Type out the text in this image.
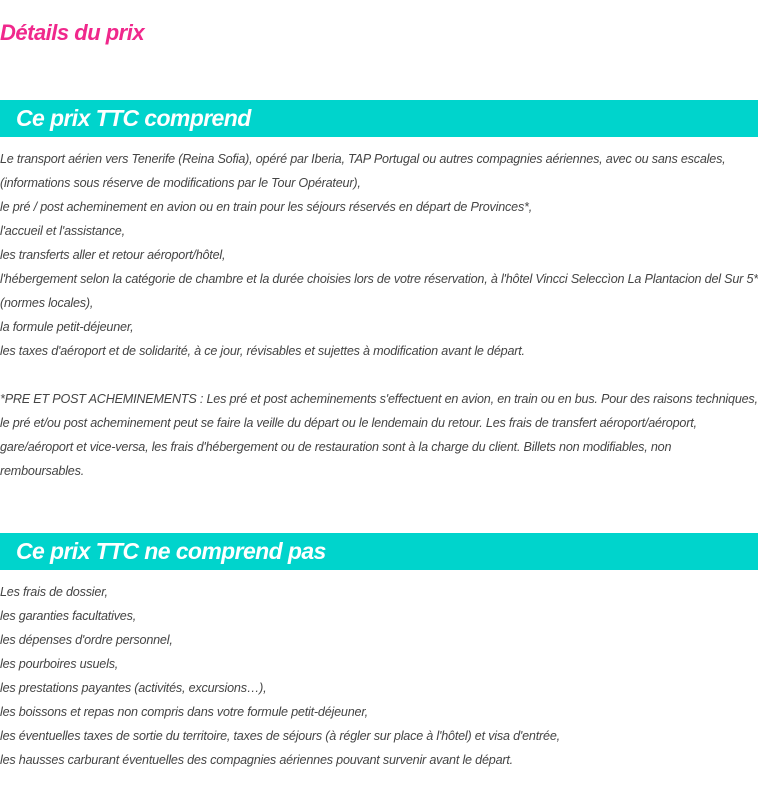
Détails du prix
Ce prix TTC comprend
Le transport aérien vers Tenerife (Reina Sofia), opéré par Iberia, TAP Portugal ou autres compagnies aériennes, avec ou sans escales, (informations sous réserve de modifications par le Tour Opérateur),
le pré / post acheminement en avion ou en train pour les séjours réservés en départ de Provinces*,
l'accueil et l'assistance,
les transferts aller et retour aéroport/hôtel,
l'hébergement selon la catégorie de chambre et la durée choisies lors de votre réservation, à l'hôtel Vincci Seleccìon La Plantacion del Sur 5* (normes locales),
la formule petit-déjeuner,
les taxes d'aéroport et de solidarité, à ce jour, révisables et sujettes à modification avant le départ.
*PRE ET POST ACHEMINEMENTS : Les pré et post acheminements s'effectuent en avion, en train ou en bus. Pour des raisons techniques, le pré et/ou post acheminement peut se faire la veille du départ ou le lendemain du retour. Les frais de transfert aéroport/aéroport, gare/aéroport et vice-versa, les frais d'hébergement ou de restauration sont à la charge du client. Billets non modifiables, non remboursables.
Ce prix TTC ne comprend pas
Les frais de dossier,
les garanties facultatives,
les dépenses d'ordre personnel,
les pourboires usuels,
les prestations payantes (activités, excursions…),
les boissons et repas non compris dans votre formule petit-déjeuner,
les éventuelles taxes de sortie du territoire, taxes de séjours (à régler sur place à l'hôtel) et visa d'entrée,
les hausses carburant éventuelles des compagnies aériennes pouvant survenir avant le départ.
